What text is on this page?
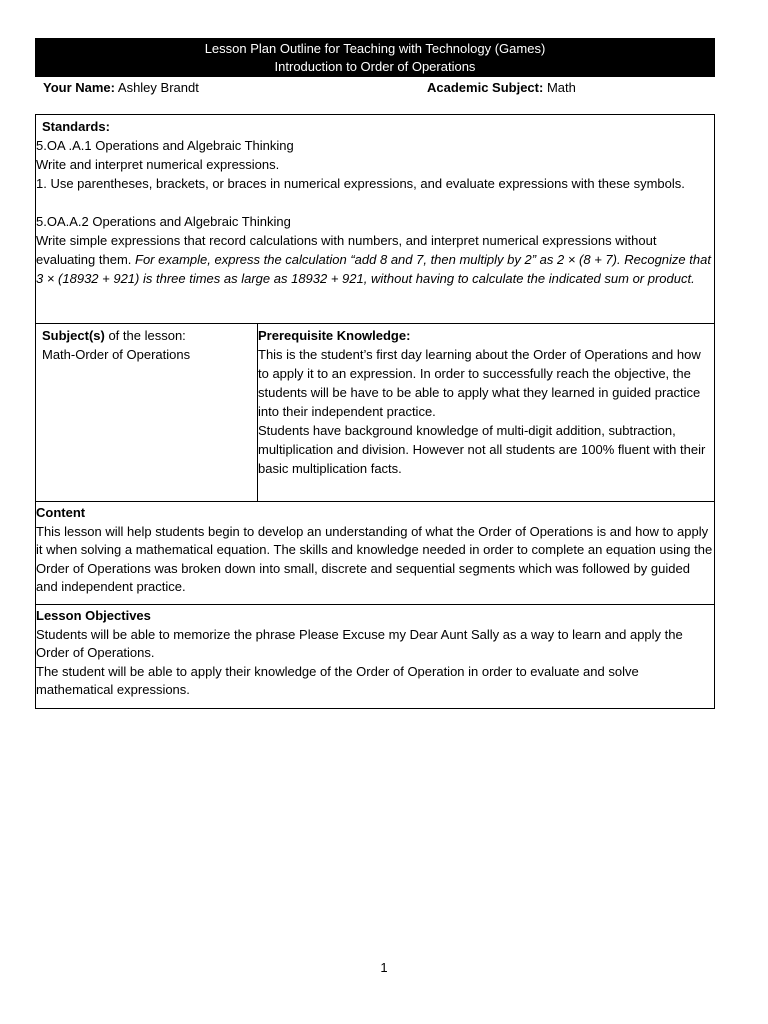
Lesson Plan Outline for Teaching with Technology (Games)
Introduction to Order of Operations
Your Name: Ashley Brandt	Academic Subject: Math
Standards:
5.OA .A.1 Operations and Algebraic Thinking
Write and interpret numerical expressions.
1. Use parentheses, brackets, or braces in numerical expressions, and evaluate expressions with these symbols.
5.OA.A.2 Operations and Algebraic Thinking
Write simple expressions that record calculations with numbers, and interpret numerical expressions without evaluating them. For example, express the calculation “add 8 and 7, then multiply by 2” as 2 × (8 + 7). Recognize that 3 × (18932 + 921) is three times as large as 18932 + 921, without having to calculate the indicated sum or product.
Subject(s) of the lesson:
Math-Order of Operations
Prerequisite Knowledge:
This is the student’s first day learning about the Order of Operations and how to apply it to an expression. In order to successfully reach the objective, the students will be have to be able to apply what they learned in guided practice into their independent practice.
Students have background knowledge of multi-digit addition, subtraction, multiplication and division. However not all students are 100% fluent with their basic multiplication facts.
Content
This lesson will help students begin to develop an understanding of what the Order of Operations is and how to apply it when solving a mathematical equation. The skills and knowledge needed in order to complete an equation using the Order of Operations was broken down into small, discrete and sequential segments which was followed by guided and independent practice.
Lesson Objectives
Students will be able to memorize the phrase Please Excuse my Dear Aunt Sally as a way to learn and apply the Order of Operations.
The student will be able to apply their knowledge of the Order of Operation in order to evaluate and solve mathematical expressions.
1
